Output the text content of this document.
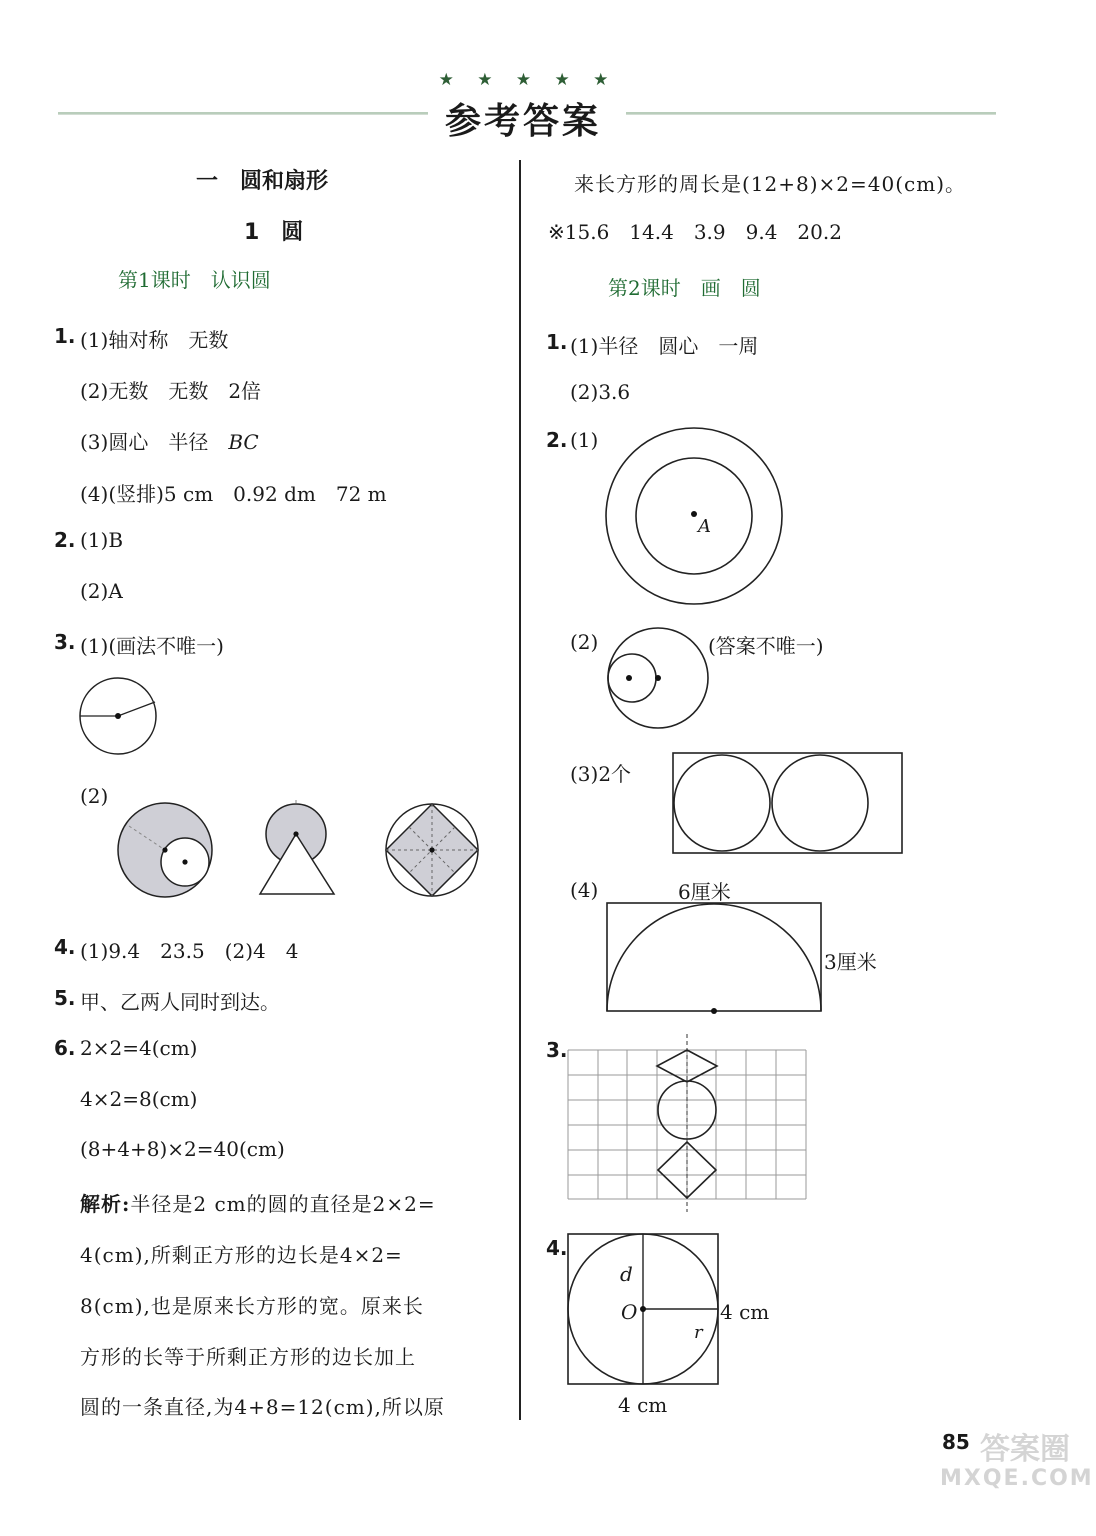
★ ★ ★ ★ ★
参考答案
一　圆和扇形
1　圆
第1课时　认识圆
1. (1)轴对称　无数
(2)无数　无数　2倍
(3)圆心　半径　BC
(4)(竖排)5 cm　0.92 dm　72 m
2. (1)B
(2)A
3. (1)(画法不唯一)
(2)
4. (1)9.4　23.5　(2)4　4
5. 甲、乙两人同时到达。
6. 2×2=4(cm)
4×2=8(cm)
(8+4+8)×2=40(cm)
解析:半径是2 cm的圆的直径是2×2=
4(cm),所剩正方形的边长是4×2=
8(cm),也是原来长方形的宽。原来长
方形的长等于所剩正方形的边长加上
圆的一条直径,为4+8=12(cm),所以原
来长方形的周长是(12+8)×2=40(cm)。
※15.6　14.4　3.9　9.4　20.2
第2课时　画　圆
1. (1)半径　圆心　一周
(2)3.6
2. (1)
A
(2)	(答案不唯一)
(3)2个
(4)	6厘米
3厘米
3.
4.
d
O
r
4 cm
4 cm
85 答案圈
MXQE.COM
